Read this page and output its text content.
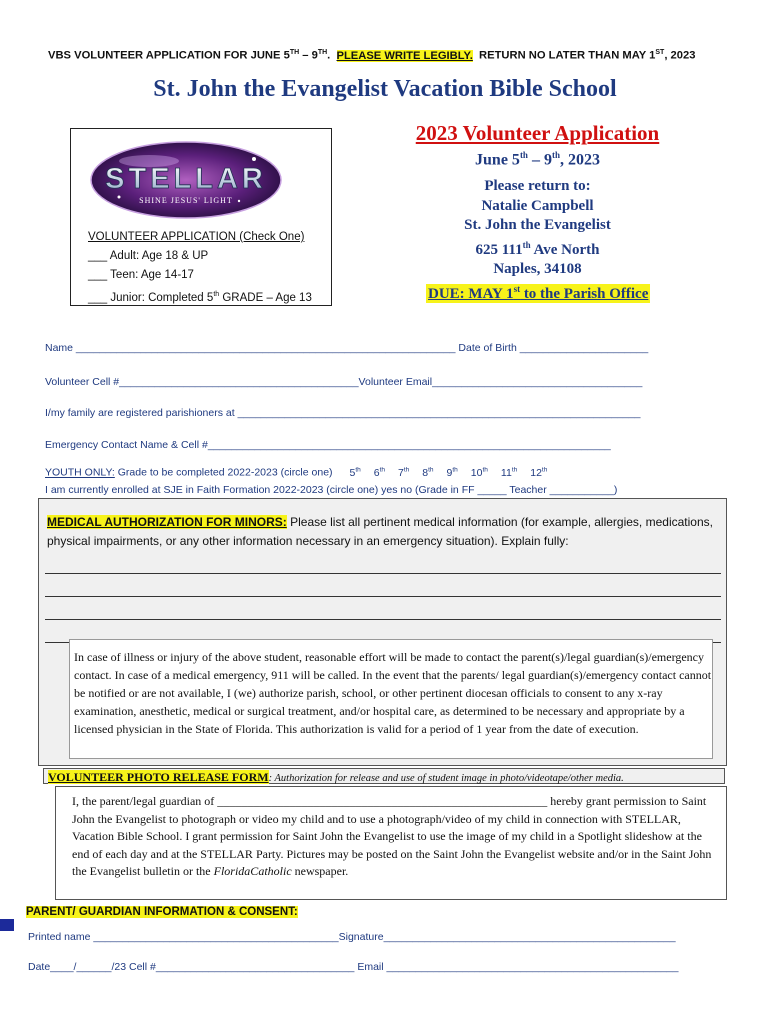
VBS VOLUNTEER APPLICATION FOR JUNE 5TH – 9TH.  PLEASE WRITE LEGIBLY.  RETURN NO LATER THAN MAY 1ST, 2023
St. John the Evangelist Vacation Bible School
STELLAR
SHINE JESUS' LIGHT
VOLUNTEER APPLICATION (Check One)
___ Adult: Age 18 & UP
___ Teen: Age 14-17
___ Junior: Completed 5th GRADE – Age 13
2023 Volunteer Application
June 5th – 9th, 2023
Please return to:
Natalie Campbell
St. John the Evangelist
625 111th Ave North
Naples, 34108
DUE: MAY 1st to the Parish Office
Name _________________________________________________________________ Date of Birth ______________________
Volunteer Cell #_________________________________________Volunteer Email____________________________________
I/my family are registered parishioners at _____________________________________________________________________
Emergency Contact Name & Cell #_____________________________________________________________________
YOUTH ONLY: Grade to be completed 2022-2023 (circle one) 5th 6th 7th 8th 9th 10th 11th 12th
I am currently enrolled at SJE in Faith Formation 2022-2023 (circle one) yes no (Grade in FF _____ Teacher ___________)
MEDICAL AUTHORIZATION FOR MINORS: Please list all pertinent medical information (for example, allergies, medications, physical impairments, or any other information necessary in an emergency situation). Explain fully:
In case of illness or injury of the above student, reasonable effort will be made to contact the parent(s)/legal guardian(s)/emergency contact. In case of a medical emergency, 911 will be called. In the event that the parents/ legal guardian(s)/emergency contact cannot be notified or are not available, I (we) authorize parish, school, or other pertinent diocesan officials to consent to any x-ray examination, anesthetic, medical or surgical treatment, and/or hospital care, as determined to be necessary and appropriate by a licensed physician in the State of Florida. This authorization is valid for a period of 1 year from the date of execution.
VOLUNTEER PHOTO RELEASE FORM: Authorization for release and use of student image in photo/videotape/other media.
I, the parent/legal guardian of _______________________________________________________ hereby grant permission to Saint John the Evangelist to photograph or video my child and to use a photograph/video of my child in connection with STELLAR, Vacation Bible School. I grant permission for Saint John the Evangelist to use the image of my child in a Spotlight slideshow at the end of each day and at the STELLAR Party. Pictures may be posted on the Saint John the Evangelist website and/or in the Saint John the Evangelist bulletin or the FloridaCatholic newspaper.
PARENT/ GUARDIAN INFORMATION & CONSENT:
Printed name __________________________________________Signature__________________________________________________
Date____/______/23 Cell #__________________________________ Email __________________________________________________
